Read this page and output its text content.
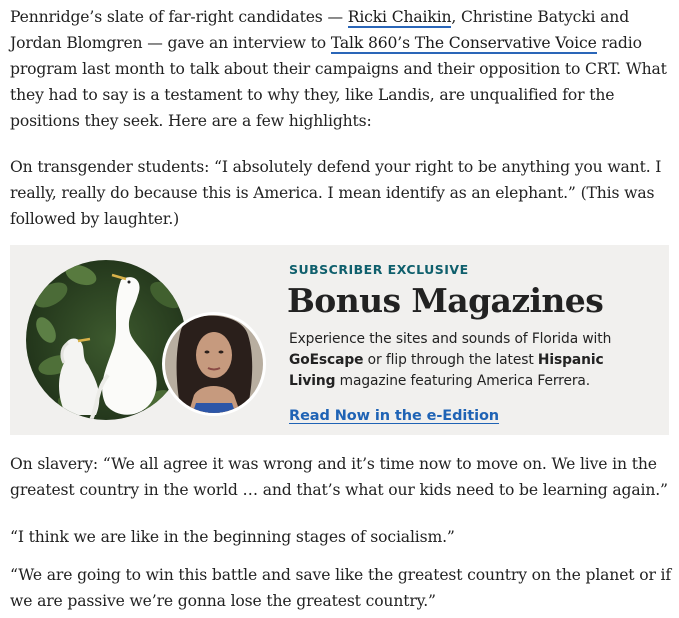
Pennridge’s slate of far-right candidates — Ricki Chaikin, Christine Batycki and Jordan Blomgren — gave an interview to Talk 860’s The Conservative Voice radio program last month to talk about their campaigns and their opposition to CRT. What they had to say is a testament to why they, like Landis, are unqualified for the positions they seek. Here are a few highlights:

On transgender students: “I absolutely defend your right to be anything you want. I really, really do because this is America. I mean identify as an elephant.” (This was followed by laughter.)

SUBSCRIBER EXCLUSIVE

Bonus Magazines

Experience the sites and sounds of Florida with GoEscape or flip through the latest Hispanic Living magazine featuring America Ferrera.

Read Now in the e-Edition

On slavery: “We all agree it was wrong and it’s time now to move on. We live in the greatest country in the world … and that’s what our kids need to be learning again.”

“I think we are like in the beginning stages of socialism.”

“We are going to win this battle and save like the greatest country on the planet or if we are passive we’re gonna lose the greatest country.”
